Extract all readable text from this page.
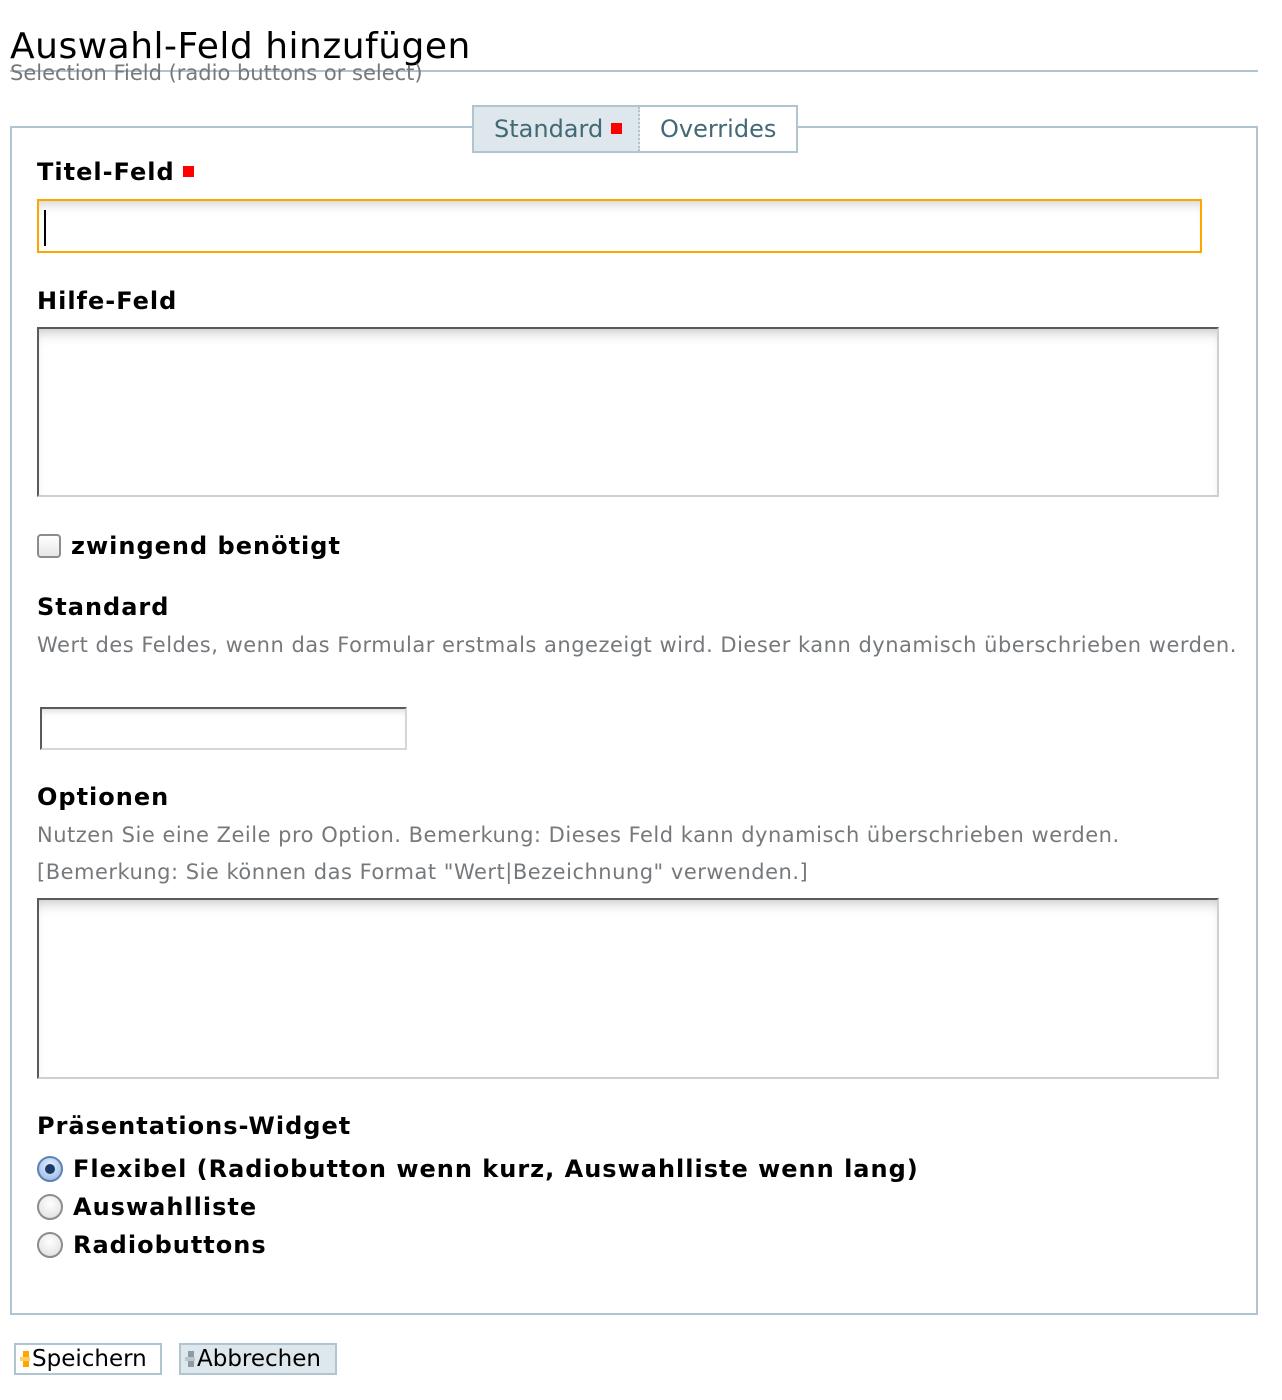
Auswahl-Feld hinzufügen
Selection Field (radio buttons or select)
Standard	Overrides
Titel-Feld
Hilfe-Feld
zwingend benötigt
Standard
Wert des Feldes, wenn das Formular erstmals angezeigt wird. Dieser kann dynamisch überschrieben werden.
Optionen
Nutzen Sie eine Zeile pro Option. Bemerkung: Dieses Feld kann dynamisch überschrieben werden. [Bemerkung: Sie können das Format "Wert|Bezeichnung" verwenden.]
Präsentations-Widget
Flexibel (Radiobutton wenn kurz, Auswahlliste wenn lang)
Auswahlliste
Radiobuttons
Speichern Abbrechen
